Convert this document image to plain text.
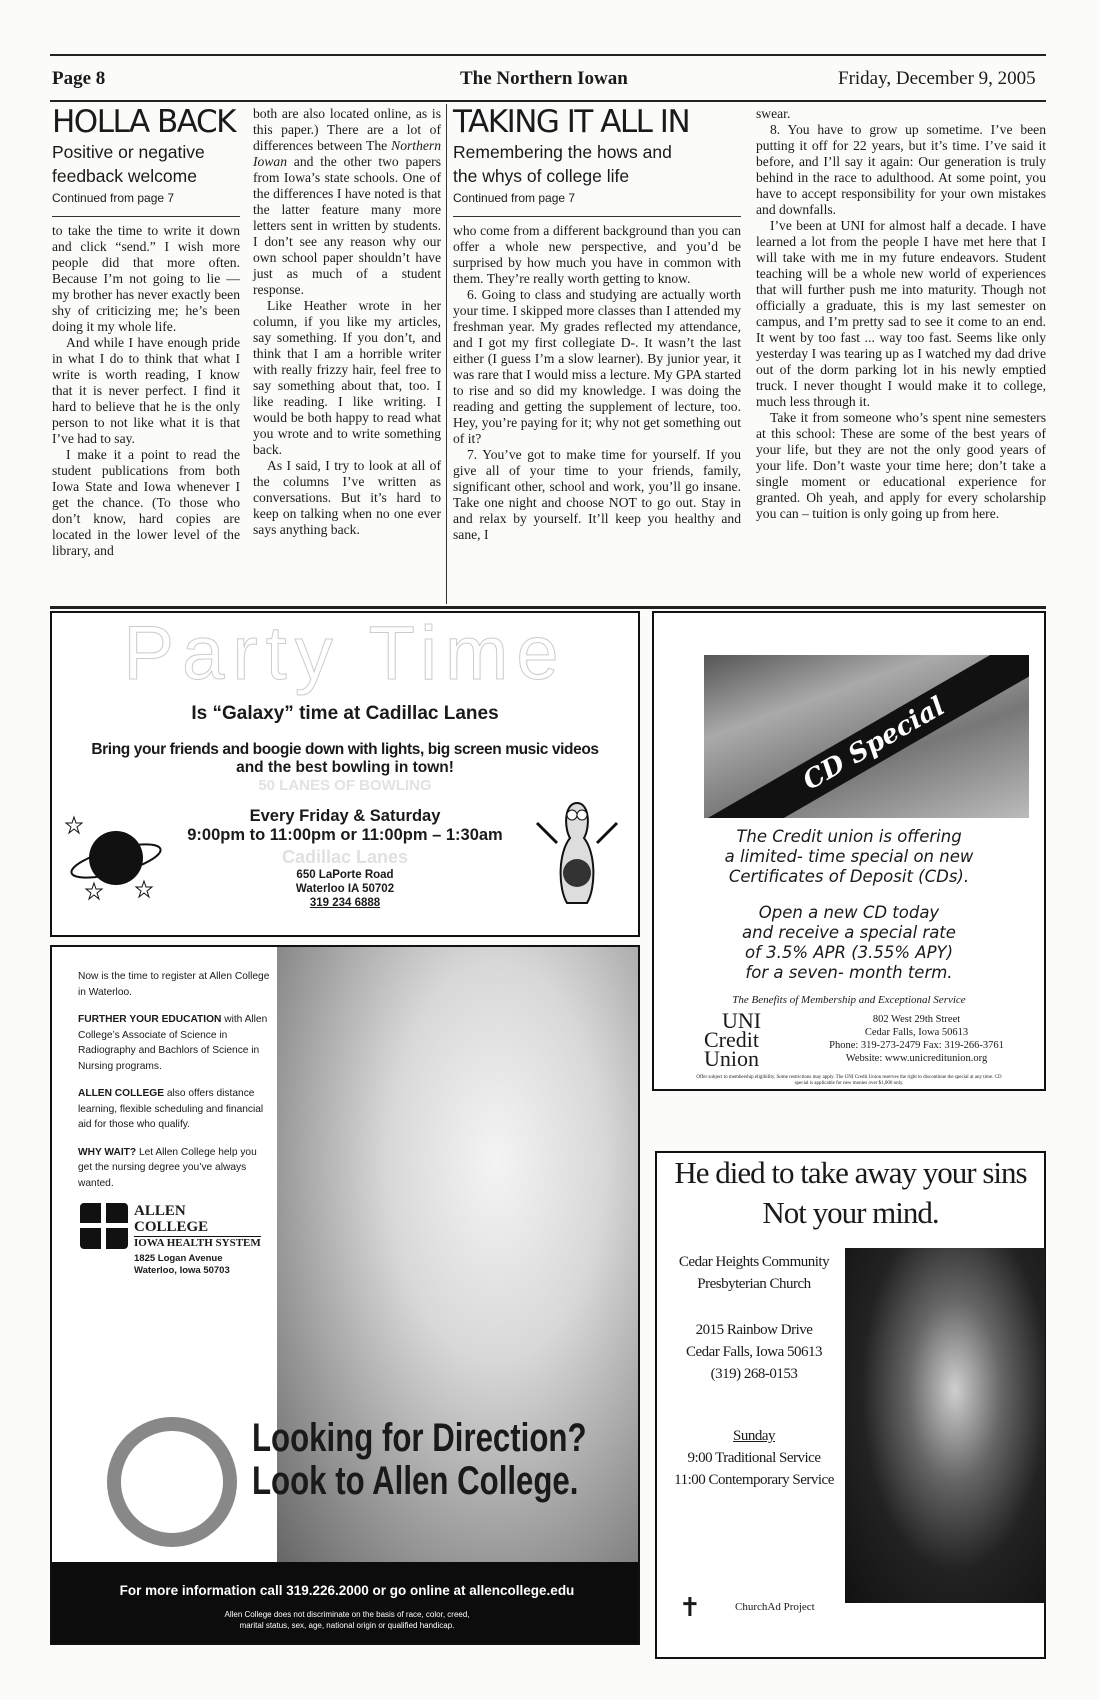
Page 8	The Northern Iowan	Friday, December 9, 2005
HOLLA BACK
Positive or negative
feedback welcome
Continued from page 7

to take the time to write it down and click “send.” I wish more people did that more often. Because I’m not going to lie — my brother has never exactly been shy of criticizing me; he’s been doing it my whole life.

And while I have enough pride in what I do to think that what I write is worth reading, I know that it is never perfect. I find it hard to believe that he is the only person to not like what it is that I’ve had to say.

I make it a point to read the student publications from both Iowa State and Iowa whenever I get the chance. (To those who don’t know, hard copies are located in the lower level of the library, and

both are also located online, as is this paper.) There are a lot of differences between The Northern Iowan and the other two papers from Iowa’s state schools. One of the differences I have noted is that the latter feature many more letters sent in written by students. I don’t see any reason why our own school paper shouldn’t have just as much of a student response.

Like Heather wrote in her column, if you like my articles, say something. If you don’t, and think that I am a horrible writer with really frizzy hair, feel free to say something about that, too. I like reading. I like writing. I would be both happy to read what you wrote and to write something back.

As I said, I try to look at all of the columns I’ve written as conversations. But it’s hard to keep on talking when no one ever says anything back.

TAKING IT ALL IN
Remembering the hows and
the whys of college life
Continued from page 7

who come from a different background than you can offer a whole new perspective, and you’d be surprised by how much you have in common with them. They’re really worth getting to know.

6. Going to class and studying are actually worth your time. I skipped more classes than I attended my freshman year. My grades reflected my attendance, and I got my first collegiate D-. It wasn’t the last either (I guess I’m a slow learner). By junior year, it was rare that I would miss a lecture. My GPA started to rise and so did my knowledge. I was doing the reading and getting the supplement of lecture, too. Hey, you’re paying for it; why not get something out of it?

7. You’ve got to make time for yourself. If you give all of your time to your friends, family, significant other, school and work, you’ll go insane. Take one night and choose NOT to go out. Stay in and relax by yourself. It’ll keep you healthy and sane, I

swear.

8. You have to grow up sometime. I’ve been putting it off for 22 years, but it’s time. I’ve said it before, and I’ll say it again: Our generation is truly behind in the race to adulthood. At some point, you have to accept responsibility for your own mistakes and downfalls.

I’ve been at UNI for almost half a decade. I have learned a lot from the people I have met here that I will take with me in my future endeavors. Student teaching will be a whole new world of experiences that will further push me into maturity. Though not officially a graduate, this is my last semester on campus, and I’m pretty sad to see it come to an end. It went by too fast ... way too fast. Seems like only yesterday I was tearing up as I watched my dad drive out of the dorm parking lot in his newly emptied truck. I never thought I would make it to college, much less through it.

Take it from someone who’s spent nine semesters at this school: These are some of the best years of your life, but they are not the only good years of your life. Don’t waste your time here; don’t take a single moment or educational experience for granted. Oh yeah, and apply for every scholarship you can – tuition is only going up from here.

Party Time
Is “Galaxy” time at Cadillac Lanes
Bring your friends and boogie down with lights, big screen music videos
and the best bowling in town!
50 LANES OF BOWLING
Every Friday & Saturday
9:00pm to 11:00pm or 11:00pm – 1:30am
Cadillac Lanes
650 LaPorte Road
Waterloo IA 50702
319 234 6888
CD Special
The Credit union is offering
a limited- time special on new
Certificates of Deposit (CDs).
Open a new CD today
and receive a special rate
of 3.5% APR (3.55% APY)
for a seven- month term.
The Benefits of Membership and Exceptional Service
UNI
Credit
Union
802 West 29th Street
Cedar Falls, Iowa 50613
Phone: 319-273-2479 Fax: 319-266-3761
Website: www.unicreditunion.org
Offer subject to membership eligibility. Some restrictions may apply. The UNI Credit Union reserves the right to discontinue the special at any time. CD special is applicable for new monies over $1,000 only.

Now is the time to register at Allen College in Waterloo.

FURTHER YOUR EDUCATION with Allen College’s Associate of Science in Radiography and Bachlors of Science in Nursing programs.

ALLEN COLLEGE also offers distance learning, flexible scheduling and financial aid for those who qualify.

WHY WAIT? Let Allen College help you get the nursing degree you’ve always wanted.

ALLEN
COLLEGE
IOWA HEALTH SYSTEM
1825 Logan Avenue
Waterloo, Iowa 50703
Looking for Direction?
Look to Allen College.
For more information call 319.226.2000 or go online at allencollege.edu
Allen College does not discriminate on the basis of race, color, creed,
marital status, sex, age, national origin or qualified handicap.
He died to take away your sins
Not your mind.
Cedar Heights Community
Presbyterian Church
2015 Rainbow Drive
Cedar Falls, Iowa 50613
(319) 268-0153
Sunday
9:00 Traditional Service
11:00 Contemporary Service
✝	ChurchAd Project
